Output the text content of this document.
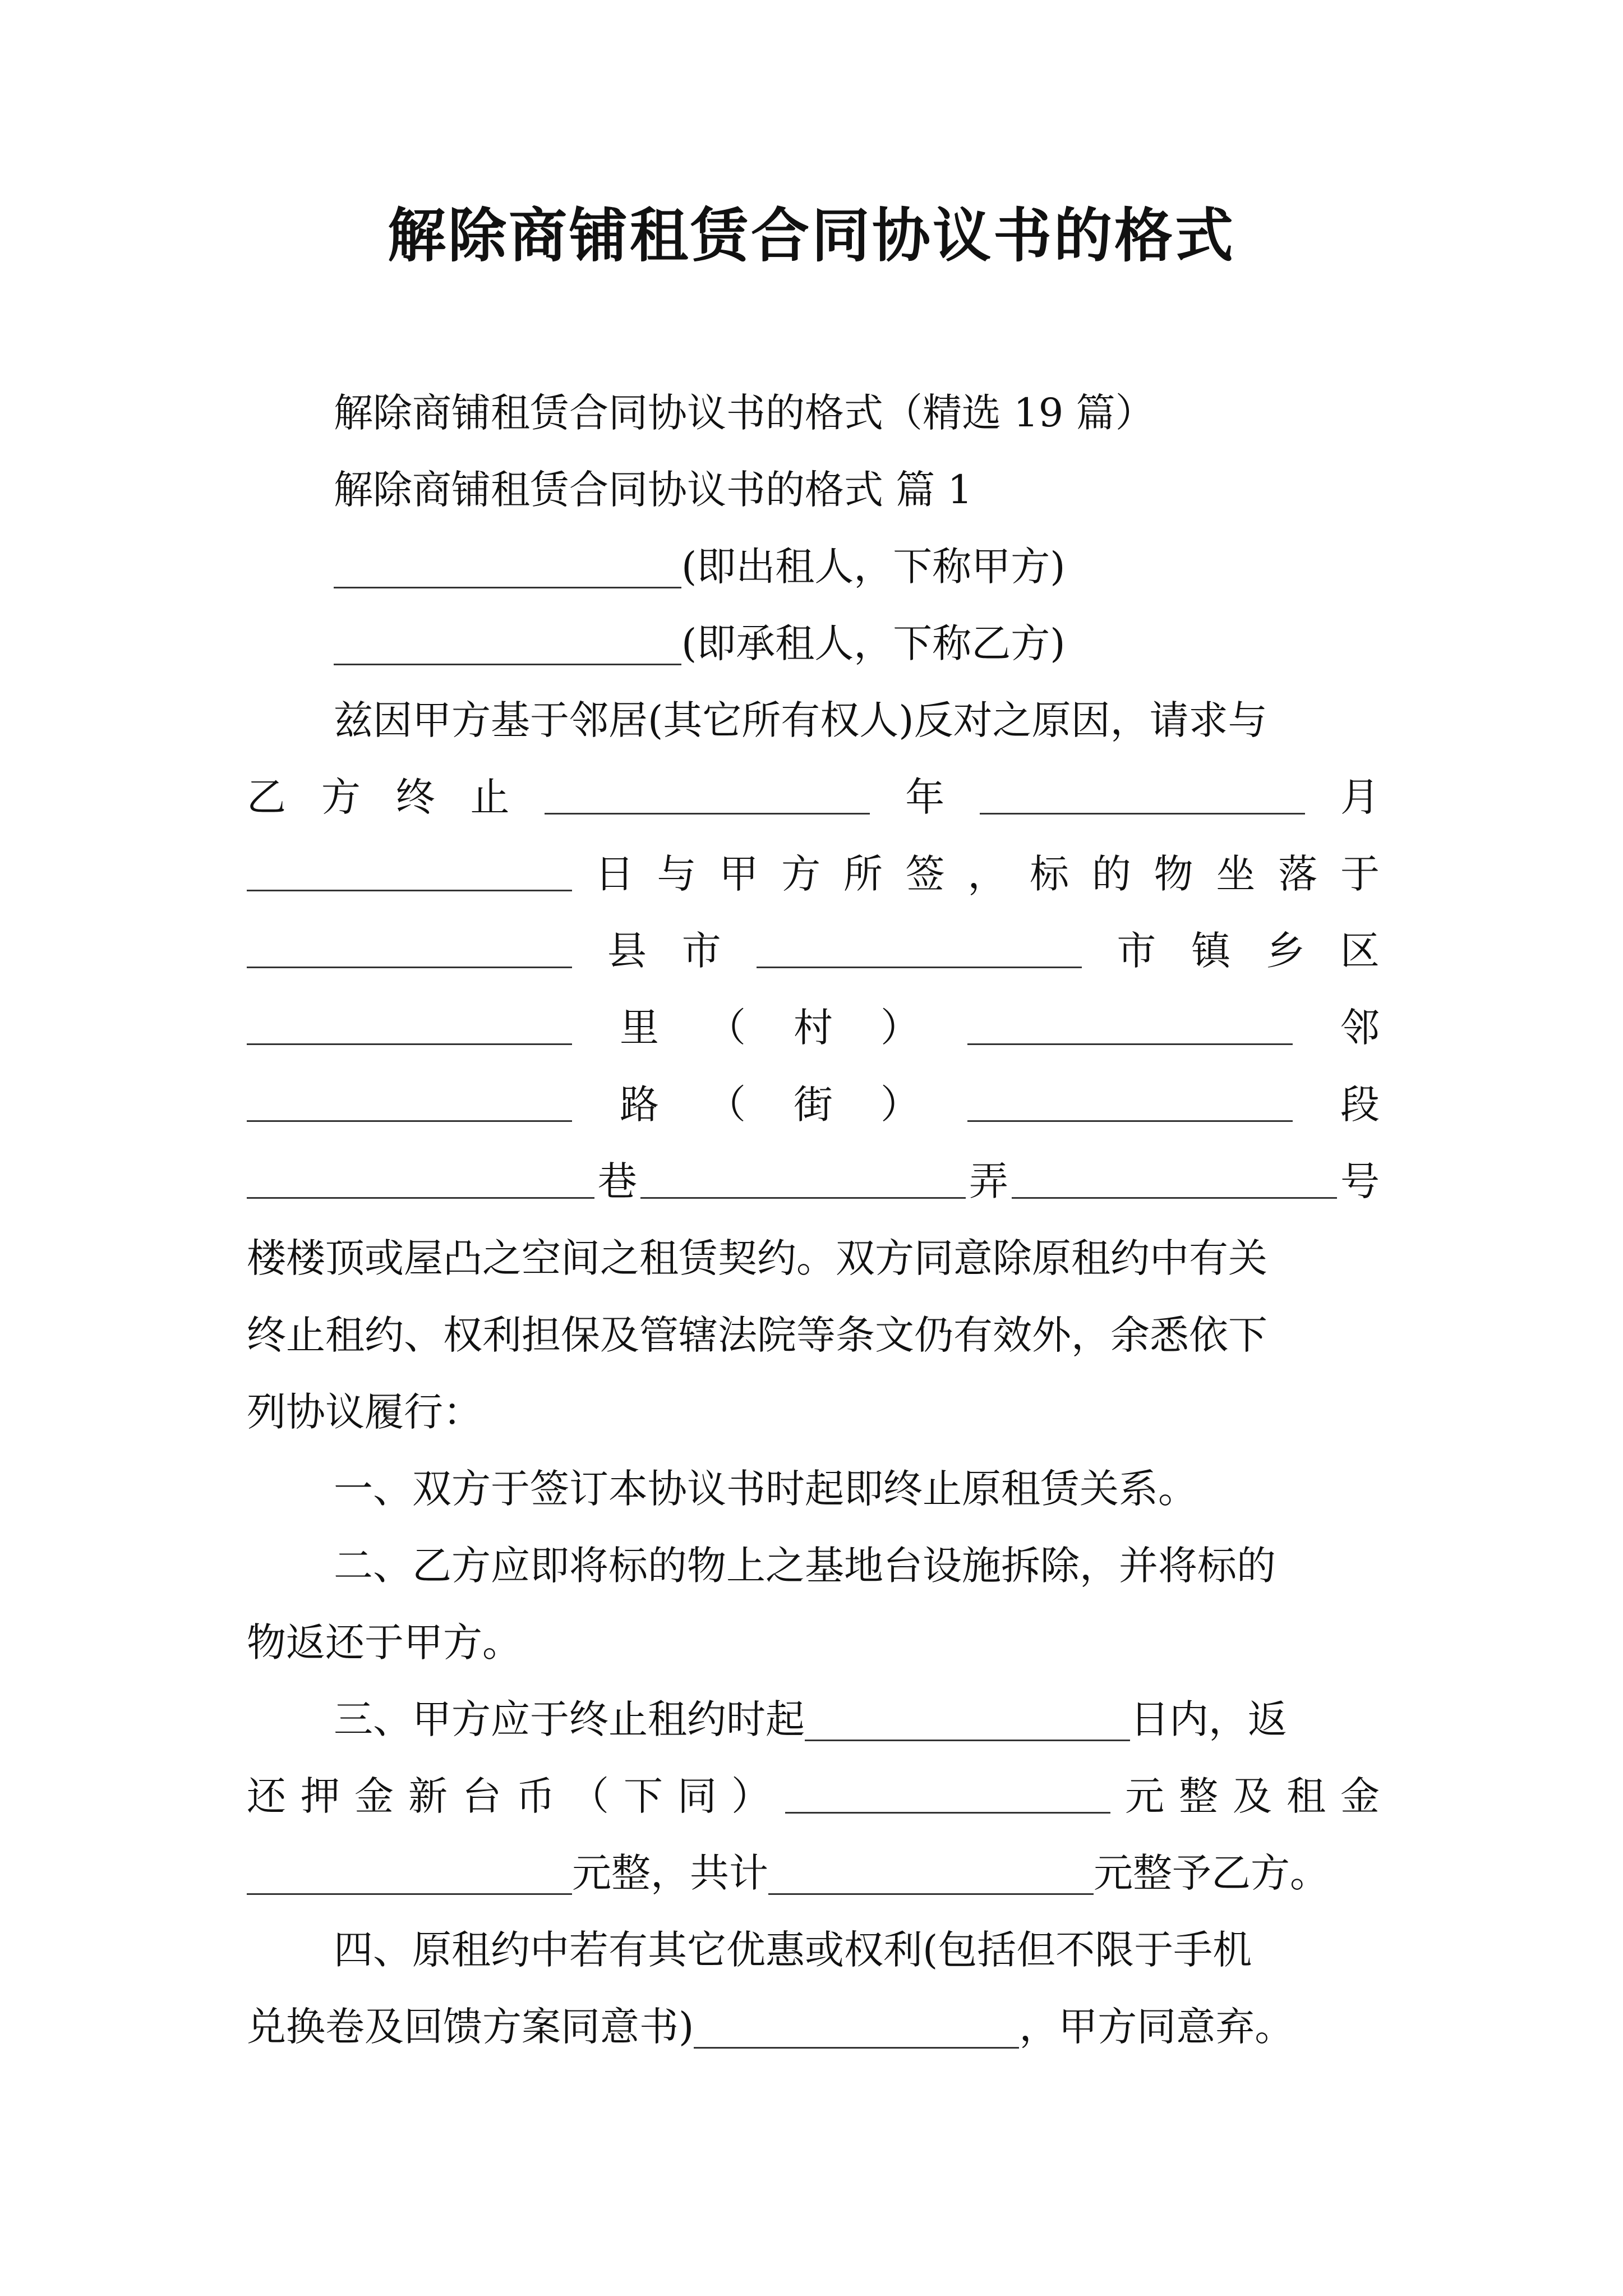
解除商铺租赁合同协议书的格式
解除商铺租赁合同协议书的格式（精选 19 篇）
解除商铺租赁合同协议书的格式 篇 1
(即出租人，下称甲方)
(即承租人，下称乙方)
兹因甲方基于邻居(其它所有权人)反对之原因，请求与
乙 方 终 止	年	月
日 与 甲 方 所 签 ， 标 的 物 坐 落 于
县 市	市 镇 乡 区
里 （ 村 ）	邻
路 （ 街 ）	段
巷	弄	号
楼楼顶或屋凸之空间之租赁契约。双方同意除原租约中有关
终止租约、权利担保及管辖法院等条文仍有效外，余悉依下
列协议履行：
一、双方于签订本协议书时起即终止原租赁关系。
二、乙方应即将标的物上之基地台设施拆除，并将标的
物返还于甲方。
三、甲方应于终止租约时起	日内，返
还 押 金 新 台 币 （ 下 同 ）	元 整 及 租 金
元整，共计	元整予乙方。
四、原租约中若有其它优惠或权利(包括但不限于手机
兑换卷及回馈方案同意书)	，甲方同意弃。
